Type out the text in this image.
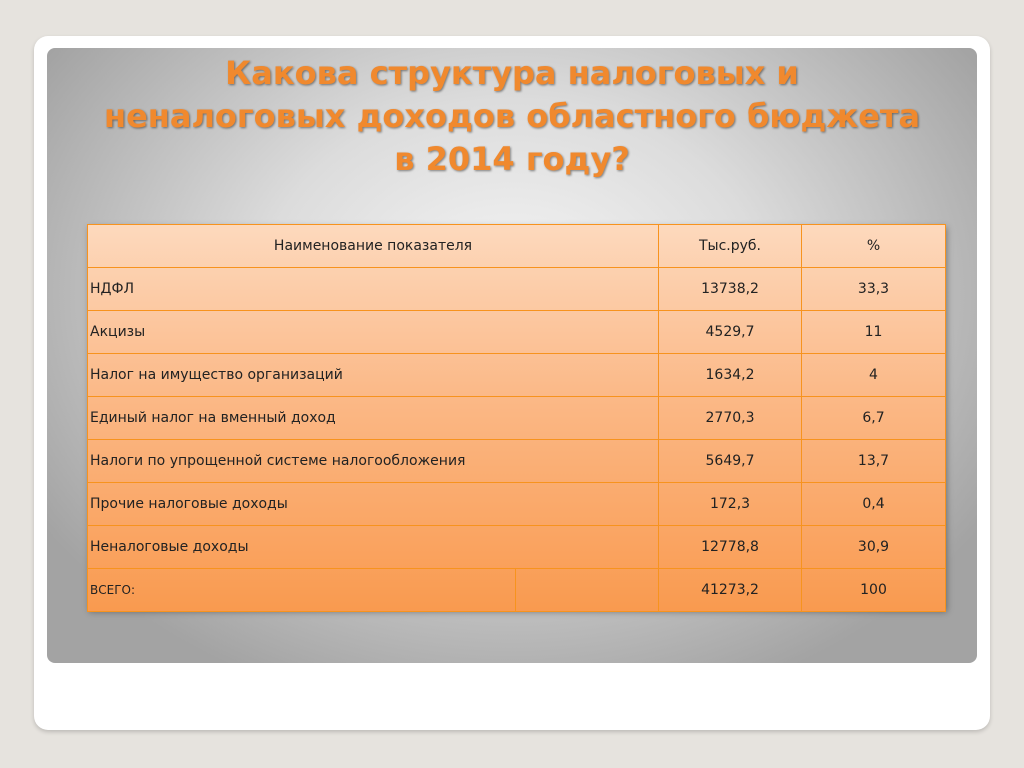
Какова структура налоговых и
неналоговых доходов областного бюджета
в 2014 году?
Наименование показателя		Тыс.руб.	%
НДФЛ		13738,2	33,3
Акцизы		4529,7	11
Налог на имущество организаций		1634,2	4
Единый налог на вменный доход		2770,3	6,7
Налоги по упрощенной системе налогообложения		5649,7	13,7
Прочие налоговые доходы		172,3	0,4
Неналоговые доходы		12778,8	30,9
ВСЕГО:		41273,2	100
